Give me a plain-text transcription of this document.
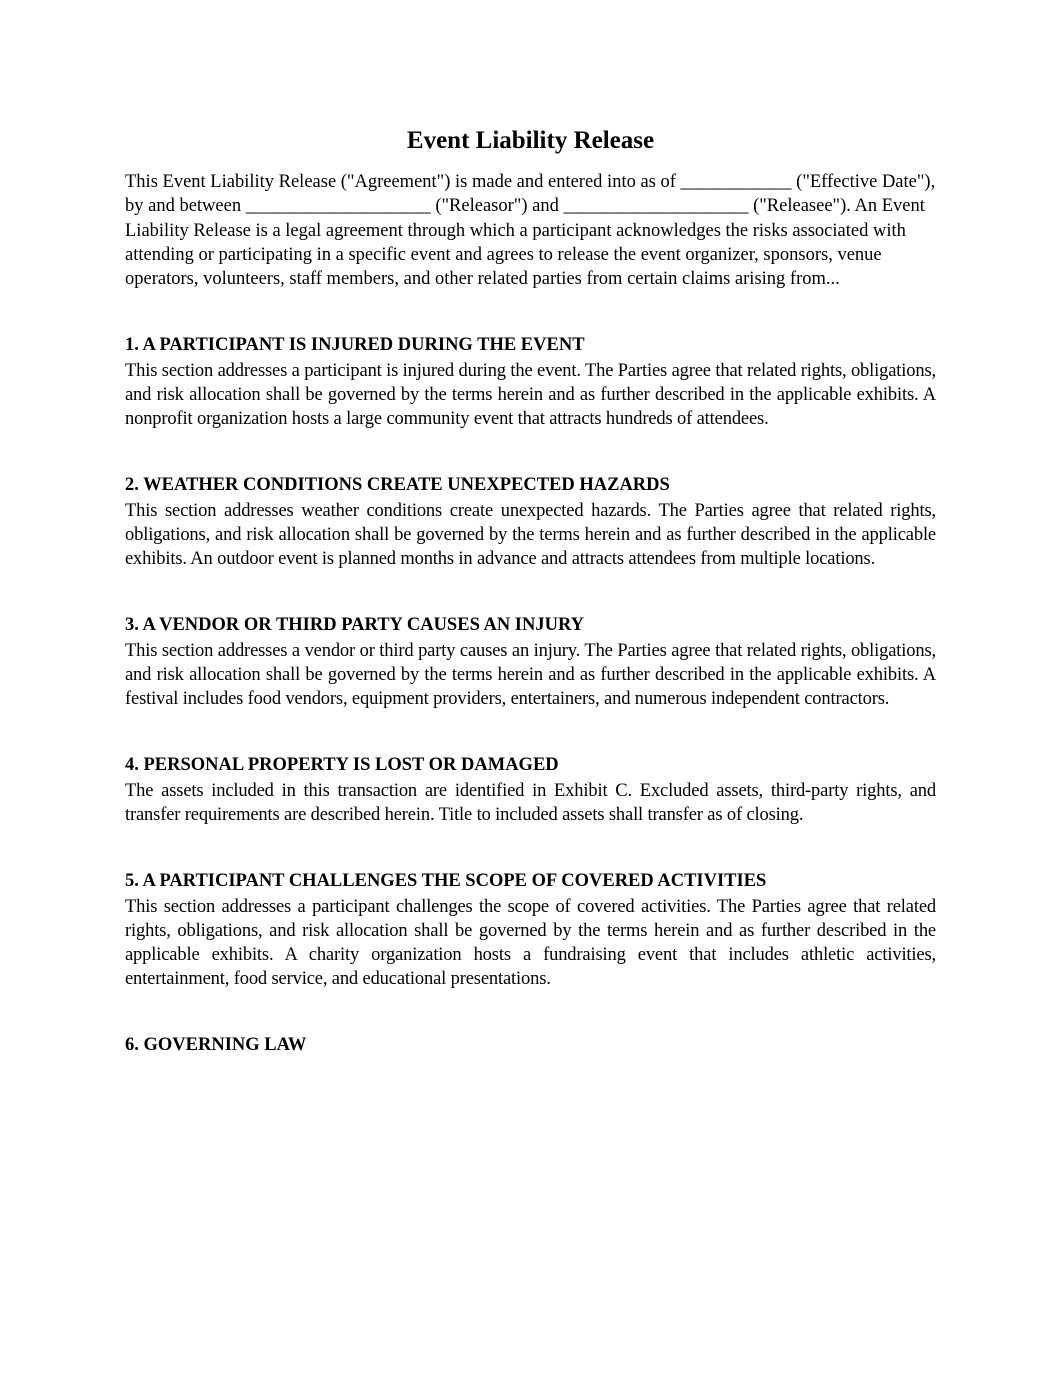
Event Liability Release

This Event Liability Release ("Agreement") is made and entered into as of ____________ ("Effective Date"), by and between ____________________ ("Releasor") and ____________________ ("Releasee"). An Event Liability Release is a legal agreement through which a participant acknowledges the risks associated with attending or participating in a specific event and agrees to release the event organizer, sponsors, venue operators, volunteers, staff members, and other related parties from certain claims arising from...

1. A PARTICIPANT IS INJURED DURING THE EVENT

This section addresses a participant is injured during the event. The Parties agree that related rights, obligations, and risk allocation shall be governed by the terms herein and as further described in the applicable exhibits. A nonprofit organization hosts a large community event that attracts hundreds of attendees.

2. WEATHER CONDITIONS CREATE UNEXPECTED HAZARDS

This section addresses weather conditions create unexpected hazards. The Parties agree that related rights, obligations, and risk allocation shall be governed by the terms herein and as further described in the applicable exhibits. An outdoor event is planned months in advance and attracts attendees from multiple locations.

3. A VENDOR OR THIRD PARTY CAUSES AN INJURY

This section addresses a vendor or third party causes an injury. The Parties agree that related rights, obligations, and risk allocation shall be governed by the terms herein and as further described in the applicable exhibits. A festival includes food vendors, equipment providers, entertainers, and numerous independent contractors.

4. PERSONAL PROPERTY IS LOST OR DAMAGED

The assets included in this transaction are identified in Exhibit C. Excluded assets, third-party rights, and transfer requirements are described herein. Title to included assets shall transfer as of closing.

5. A PARTICIPANT CHALLENGES THE SCOPE OF COVERED ACTIVITIES

This section addresses a participant challenges the scope of covered activities. The Parties agree that related rights, obligations, and risk allocation shall be governed by the terms herein and as further described in the applicable exhibits. A charity organization hosts a fundraising event that includes athletic activities, entertainment, food service, and educational presentations.

6. GOVERNING LAW
